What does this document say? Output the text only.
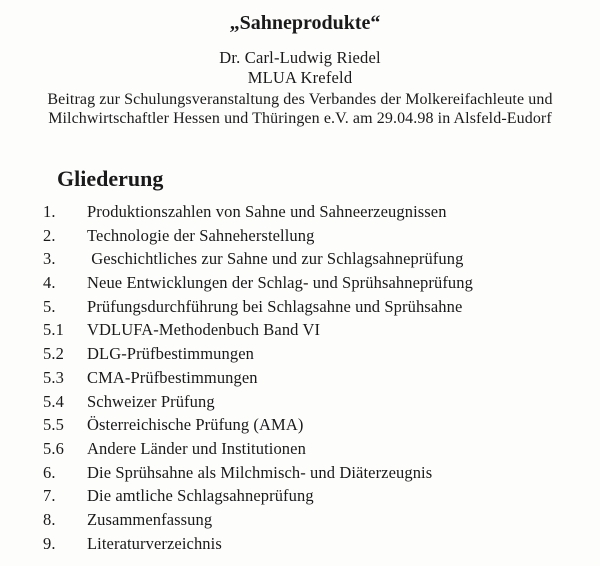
„Sahneprodukte“

Dr. Carl-Ludwig Riedel

MLUA Krefeld

Beitrag zur Schulungsveranstaltung des Verbandes der Molkereifachleute und Milchwirtschaftler Hessen und Thüringen e.V. am 29.04.98 in Alsfeld-Eudorf

Gliederung
1. Produktionszahlen von Sahne und Sahneerzeugnissen
2. Technologie der Sahneherstellung
3. Geschichtliches zur Sahne und zur Schlagsahneprüfung
4. Neue Entwicklungen der Schlag- und Sprühsahneprüfung
5. Prüfungsdurchführung bei Schlagsahne und Sprühsahne
5.1 VDLUFA-Methodenbuch Band VI
5.2 DLG-Prüfbestimmungen
5.3 CMA-Prüfbestimmungen
5.4 Schweizer Prüfung
5.5 Österreichische Prüfung (AMA)
5.6 Andere Länder und Institutionen
6. Die Sprühsahne als Milchmisch- und Diäterzeugnis
7. Die amtliche Schlagsahneprüfung
8. Zusammenfassung
9. Literaturverzeichnis
